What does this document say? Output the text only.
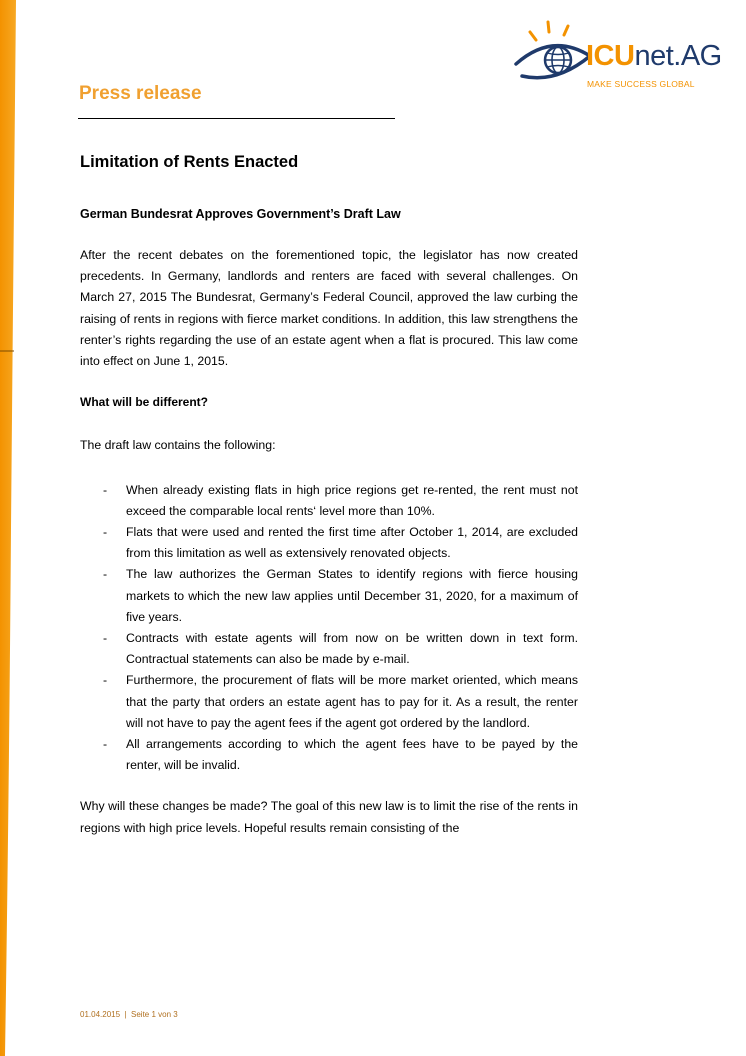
ICUnet.AG
MAKE SUCCESS GLOBAL
Press release
Limitation of Rents Enacted
German Bundesrat Approves Government’s Draft Law

After the recent debates on the forementioned topic, the legislator has now created precedents. In Germany, landlords and renters are faced with several challenges. On March 27, 2015 The Bundesrat, Germany’s Federal Council, approved the law curbing the raising of rents in regions with fierce market conditions. In addition, this law strengthens the renter’s rights regarding the use of an estate agent when a flat is procured. This law come into effect on June 1, 2015.

What will be different?

The draft law contains the following:

- When already existing flats in high price regions get re-rented, the rent must not exceed the comparable local rents‘ level more than 10%.
- Flats that were used and rented the first time after October 1, 2014, are excluded from this limitation as well as extensively renovated objects.
- The law authorizes the German States to identify regions with fierce housing markets to which the new law applies until December 31, 2020, for a maximum of five years.
- Contracts with estate agents will from now on be written down in text form. Contractual statements can also be made by e-mail.
- Furthermore, the procurement of flats will be more market oriented, which means that the party that orders an estate agent has to pay for it. As a result, the renter will not have to pay the agent fees if the agent got ordered by the landlord.
- All arrangements according to which the agent fees have to be payed by the renter, will be invalid.

Why will these changes be made? The goal of this new law is to limit the rise of the rents in regions with high price levels. Hopeful results remain consisting of the

01.04.2015  |  Seite 1 von 3
